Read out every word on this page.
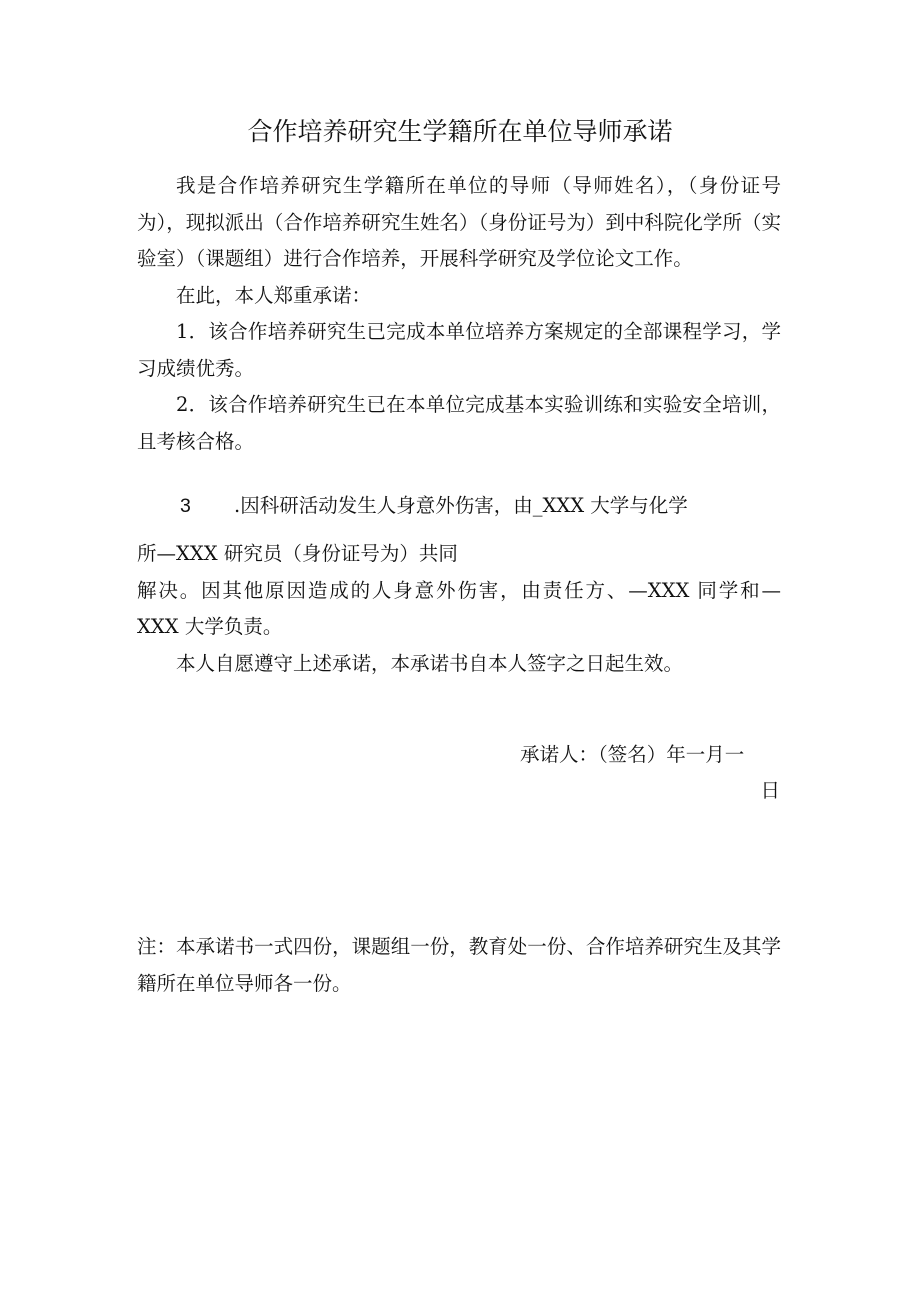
合作培养研究生学籍所在单位导师承诺

我是合作培养研究生学籍所在单位的导师（导师姓名），（身份证号为），现拟派出（合作培养研究生姓名）（身份证号为）到中科院化学所（实验室）（课题组）进行合作培养，开展科学研究及学位论文工作。

在此，本人郑重承诺：

1．该合作培养研究生已完成本单位培养方案规定的全部课程学习，学习成绩优秀。

2．该合作培养研究生已在本单位完成基本实验训练和实验安全培训，且考核合格。

3 .因科研活动发生人身意外伤害，由_XXX 大学与化学

所—XXX 研究员（身份证号为）共同

解决。因其他原因造成的人身意外伤害，由责任方、—XXX 同学和—

XXX 大学负责。

本人自愿遵守上述承诺，本承诺书自本人签字之日起生效。

承诺人：（签名）年一月一

日

注：本承诺书一式四份，课题组一份，教育处一份、合作培养研究生及其学籍所在单位导师各一份。
